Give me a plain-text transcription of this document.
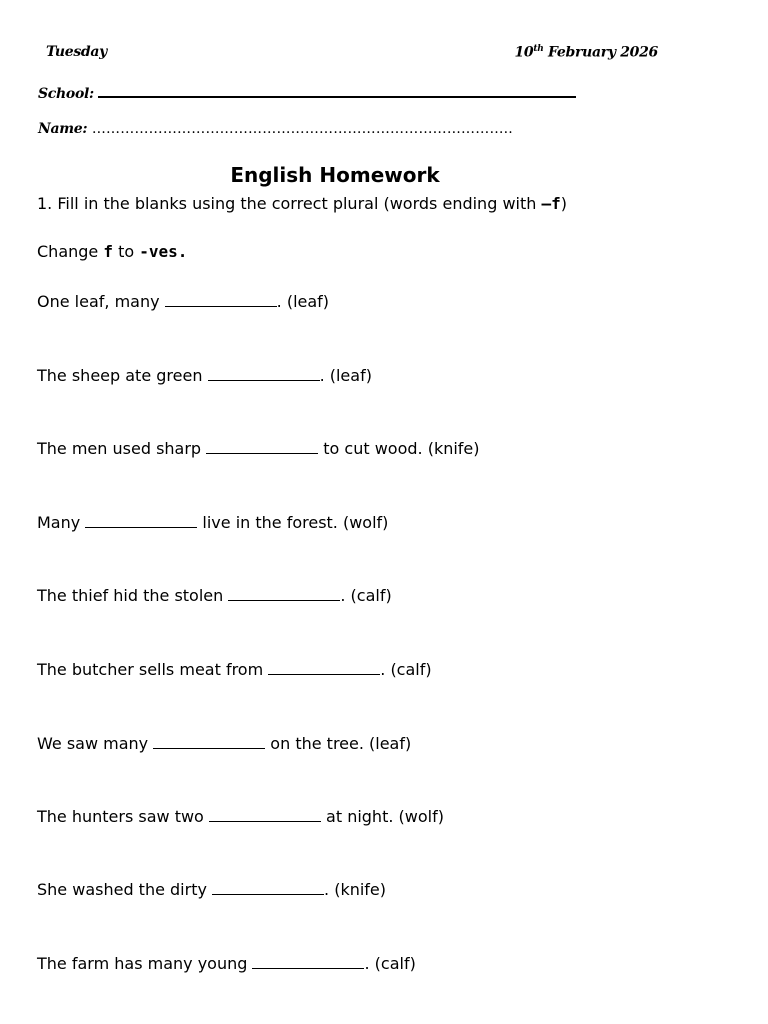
Tuesday	10th February 2026
School:
Name: ……………………………………………………………………………..
English Homework
1. Fill in the blanks using the correct plural (words ending with –f)
Change f to -ves.
One leaf, many	. (leaf)
The sheep ate green	. (leaf)
The men used sharp	to cut wood. (knife)
Many	live in the forest. (wolf)
The thief hid the stolen	. (calf)
The butcher sells meat from	. (calf)
We saw many	on the tree. (leaf)
The hunters saw two	at night. (wolf)
She washed the dirty	. (knife)
The farm has many young	. (calf)
